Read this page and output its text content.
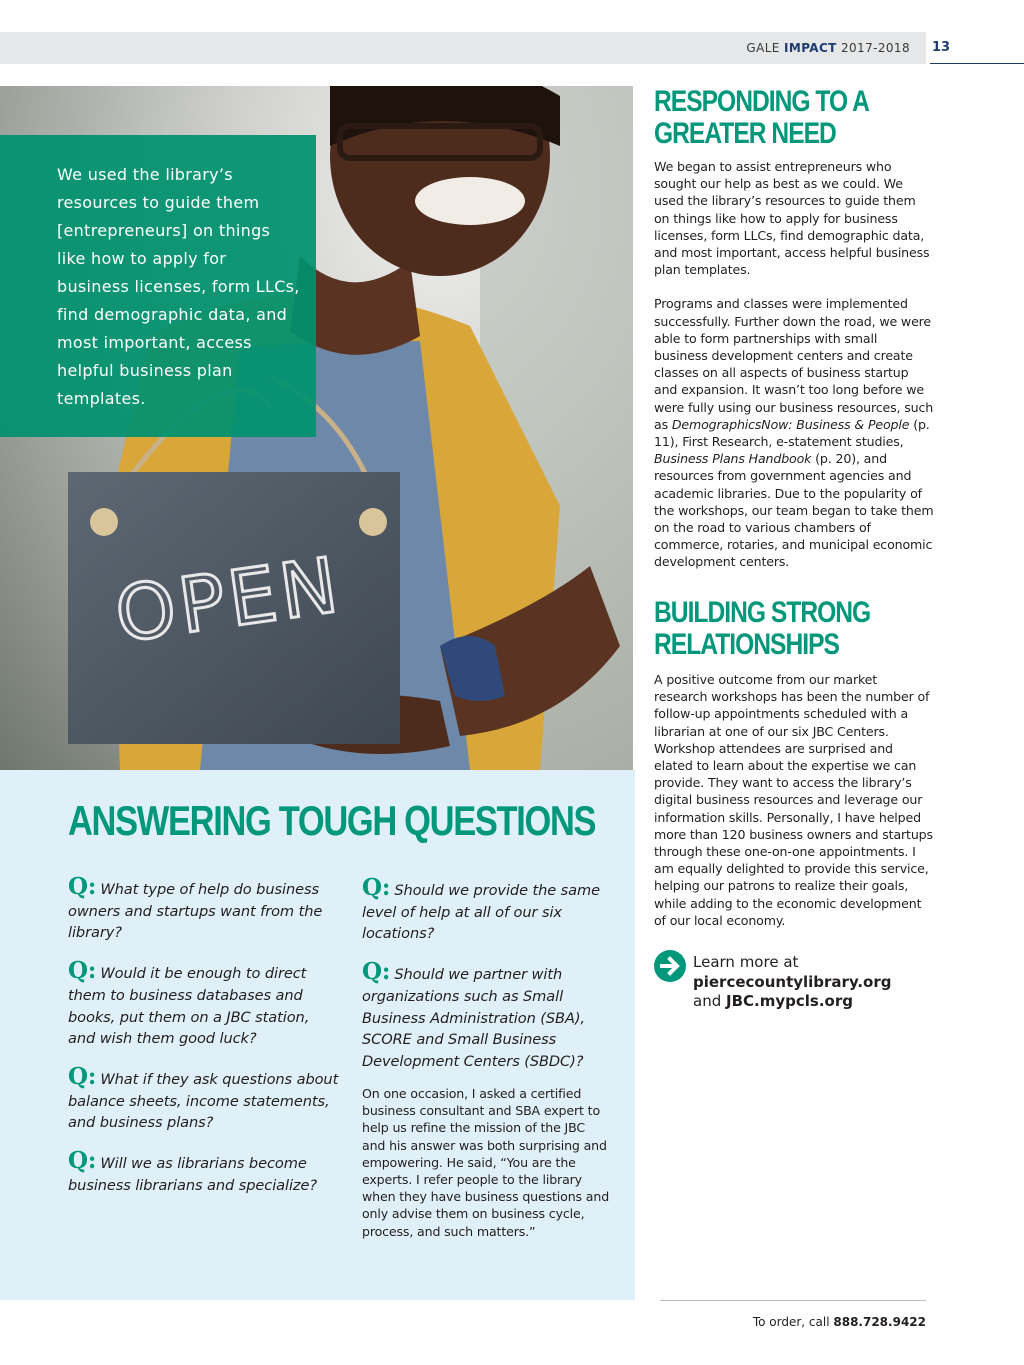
GALE IMPACT 2017-2018 13
OPEN
We used the library’s resources to guide them [entrepreneurs] on things like how to apply for business licenses, form LLCs, find demographic data, and most important, access helpful business plan templates.
RESPONDING TO A
GREATER NEED

We began to assist entrepreneurs who sought our help as best as we could. We used the library’s resources to guide them on things like how to apply for business licenses, form LLCs, find demographic data, and most important, access helpful business plan templates.

Programs and classes were implemented successfully. Further down the road, we were able to form partnerships with small business development centers and create classes on all aspects of business startup and expansion. It wasn’t too long before we were fully using our business resources, such as DemographicsNow: Business & People (p. 11), First Research, e-statement studies, Business Plans Handbook (p. 20), and resources from government agencies and academic libraries. Due to the popularity of the workshops, our team began to take them on the road to various chambers of commerce, rotaries, and municipal economic development centers.

BUILDING STRONG
RELATIONSHIPS

A positive outcome from our market research workshops has been the number of follow-up appointments scheduled with a librarian at one of our six JBC Centers. Workshop attendees are surprised and elated to learn about the expertise we can provide. They want to access the library’s digital business resources and leverage our information skills. Personally, I have helped more than 120 business owners and startups through these one-on-one appointments. I am equally delighted to provide this service, helping our patrons to realize their goals, while adding to the economic development of our local economy.

Learn more at
piercecountylibrary.org
and JBC.mypcls.org
ANSWERING TOUGH QUESTIONS
Q: What type of help do business owners and startups want from the library?
Q: Would it be enough to direct them to business databases and books, put them on a JBC station, and wish them good luck?
Q: What if they ask questions about balance sheets, income statements, and business plans?
Q: Will we as librarians become business librarians and specialize?
Q: Should we provide the same level of help at all of our six locations?
Q: Should we partner with organizations such as Small Business Administration (SBA), SCORE and Small Business Development Centers (SBDC)?
On one occasion, I asked a certified business consultant and SBA expert to help us refine the mission of the JBC and his answer was both surprising and empowering. He said, “You are the experts. I refer people to the library when they have business questions and only advise them on business cycle, process, and such matters.”
To order, call 888.728.9422
